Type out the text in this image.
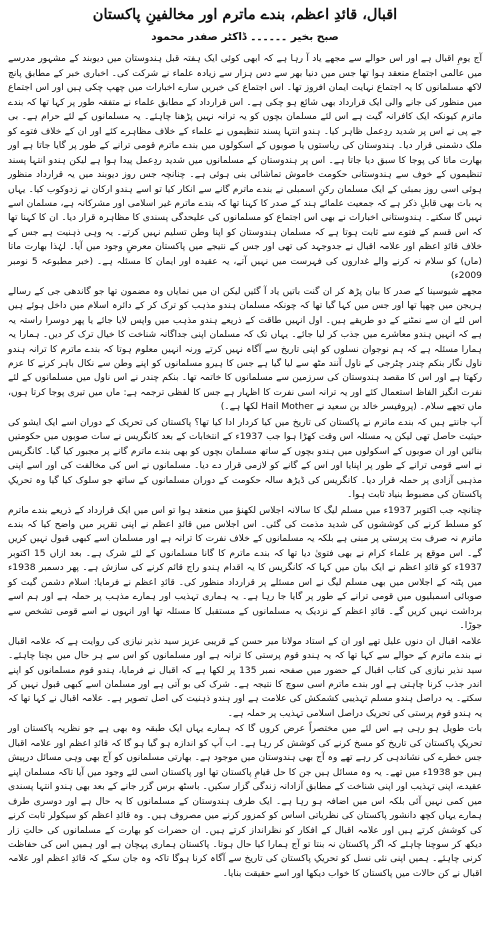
اقبال، قائدِ اعظم، بندے ماترم اور مخالفینِ پاکستان
صبح بخیر ۔۔۔۔۔۔ ڈاکٹر صفدر محمود

آج یومِ اقبال ہے اور اس حوالے سے مجھے یاد آ رہا ہے کہ ابھی کوئی ایک ہفتہ قبل ہندوستان میں دیوبند کے مشہور مدرسے میں عالمی اجتماع منعقد ہوا تھا جس میں دنیا بھر سے دس ہزار سے زیادہ علماء نے شرکت کی۔ اخباری خبر کے مطابق پانچ لاکھ مسلمانوں کا یہ اجتماع نہایت ایمان افروز تھا۔ اس اجتماع کی خبریں سارے اخبارات میں چھپ چکی ہیں اور اس اجتماع میں منظور کی جانے والی ایک قرارداد بھی شائع ہو چکی ہے۔ اس قرارداد کے مطابق علماء نے متفقہ طور پر کہا تھا کہ بندے ماترم کیونکہ ایک کافرانہ گیت ہے اس لئے مسلمان بچوں کو یہ ترانہ نہیں پڑھنا چاہئے۔ یہ مسلمانوں کے لئے حرام ہے۔ بی جے پی نے اس پر شدید ردِعمل ظاہر کیا۔ ہندو انتہا پسند تنظیموں نے علماء کے خلاف مظاہرے کئے اور ان کے خلاف فتوے کو ملک دشمنی قرار دیا۔ ہندوستان کی ریاستوں یا صوبوں کے اسکولوں میں بندے ماترم قومی ترانے کے طور پر گایا جاتا ہے اور بھارت ماتا کی پوجا کا سبق دیا جاتا ہے۔ اس پر ہندوستان کے مسلمانوں میں شدید ردِعمل پیدا ہوا ہے لیکن ہندو انتہا پسند تنظیموں کے خوف سے ہندوستانی حکومت خاموش تماشائی بنی ہوئی ہے۔ چنانچہ جس روز دیوبند میں یہ قرارداد منظور ہوئی اسی روز بمبئی کے ایک مسلمان رکنِ اسمبلی نے بندے ماترم گانے سے انکار کیا تو اسے ہندو ارکان نے زدوکوب کیا۔ یہاں یہ بات بھی قابلِ ذکر ہے کہ جمعیت علمائے ہند کے صدر کا کہنا تھا کہ بندے ماترم غیر اسلامی اور مشرکانہ ہے، مسلمان اسے نہیں گا سکتے۔ ہندوستانی اخبارات نے بھی اس اجتماع کو مسلمانوں کی علیحدگی پسندی کا مظاہرہ قرار دیا۔ ان کا کہنا تھا کہ اس قسم کے فتوے سے ثابت ہوتا ہے کہ مسلمان ہندوستان کو اپنا وطن تسلیم نہیں کرتے۔ یہ وہی ذہنیت ہے جس کے خلاف قائدِ اعظم اور علامہ اقبال نے جدوجہد کی تھی اور جس کے نتیجے میں پاکستان معرضِ وجود میں آیا۔ لہٰذا بھارت ماتا (ماں) کو سلام نہ کرنے والے غداروں کی فہرست میں نہیں آتے، یہ عقیدہ اور ایمان کا مسئلہ ہے۔ (خبر مطبوعہ 5 نومبر 2009ء)

مجھے شیوسینا کے صدر کا بیان پڑھ کر ان گنت باتیں یاد آ گئیں لیکن ان میں نمایاں وہ مضمون تھا جو گاندھی جی کے رسالے ہریجن میں چھپا تھا اور جس میں کہا گیا تھا کہ چونکہ مسلمان ہندو مذہب کو ترک کر کے دائرہ اسلام میں داخل ہوئے ہیں اس لئے ان سے نمٹنے کے دو طریقے ہیں۔ اول انہیں طاقت کے ذریعے ہندو مذہب میں واپس لایا جائے یا پھر دوسرا راستہ یہ ہے کہ انہیں ہندو معاشرے میں جذب کر لیا جائے۔ یہاں تک کہ مسلمان اپنی جداگانہ شناخت کا خیال ترک کر دیں۔ ہمارا یہ ہمارا مسئلہ ہے کہ ہم نوجوان نسلوں کو اپنی تاریخ سے آگاہ نہیں کرتے ورنہ انہیں معلوم ہوتا کہ بندے ماترم کا ترانہ ہندو ناول نگار بنکم چندر چٹرجی کے ناول آنند مٹھ سے لیا گیا ہے جس کا ہیرو مسلمانوں کو اپنے وطن سے نکال باہر کرنے کا عزم رکھتا ہے اور اس کا مقصد ہندوستان کی سرزمین سے مسلمانوں کا خاتمہ تھا۔ بنکم چندر نے اس ناول میں مسلمانوں کے لئے نفرت انگیز الفاظ استعمال کئے اور یہ ترانہ اسی نفرت کا اظہار ہے جس کا لفظی ترجمہ ہے: ماں میں تیری پوجا کرتا ہوں، ماں تجھے سلام۔ (پروفیسر خالد بن سعید نے Hail Mother لکھا ہے۔)

آپ جانتے ہیں کہ بندے ماترم نے پاکستان کی تاریخ میں کیا کردار ادا کیا تھا؟ پاکستان کی تحریک کے دوران اسے ایک ایشو کی حیثیت حاصل تھی لیکن یہ مسئلہ اس وقت کھڑا ہوا جب 1937ء کے انتخابات کے بعد کانگریس نے سات صوبوں میں حکومتیں بنائیں اور ان صوبوں کے اسکولوں میں ہندو بچوں کے ساتھ مسلمان بچوں کو بھی بندے ماترم گانے پر مجبور کیا گیا۔ کانگریس نے اسے قومی ترانے کے طور پر اپنایا اور اس کے گانے کو لازمی قرار دے دیا۔ مسلمانوں نے اس کی مخالفت کی اور اسے اپنی مذہبی آزادی پر حملہ قرار دیا۔ کانگریس کی ڈیڑھ سالہ حکومت کے دوران مسلمانوں کے ساتھ جو سلوک کیا گیا وہ تحریکِ پاکستان کی مضبوط بنیاد ثابت ہوا۔

چنانچہ جب اکتوبر 1937ء میں مسلم لیگ کا سالانہ اجلاس لکھنؤ میں منعقد ہوا تو اس میں ایک قرارداد کے ذریعے بندے ماترم کو مسلط کرنے کی کوششوں کی شدید مذمت کی گئی۔ اس اجلاس میں قائدِ اعظم نے اپنی تقریر میں واضح کیا کہ بندے ماترم نہ صرف بت پرستی پر مبنی ہے بلکہ یہ مسلمانوں کے خلاف نفرت کا ترانہ ہے اور مسلمان اسے کبھی قبول نہیں کریں گے۔ اس موقع پر علماء کرام نے بھی فتویٰ دیا تھا کہ بندے ماترم کا گانا مسلمانوں کے لئے شرک ہے۔ بعد ازاں 15 اکتوبر 1937ء کو قائدِ اعظم نے ایک بیان میں کہا کہ کانگریس کا یہ اقدام ہندو راج قائم کرنے کی سازش ہے۔ پھر دسمبر 1938ء میں پٹنہ کے اجلاس میں بھی مسلم لیگ نے اس مسئلے پر قرارداد منظور کی۔ قائدِ اعظم نے فرمایا: اسلام دشمن گیت کو صوبائی اسمبلیوں میں قومی ترانے کے طور پر گایا جا رہا ہے۔ یہ ہماری تہذیب اور ہمارے مذہب پر حملہ ہے اور ہم اسے برداشت نہیں کریں گے۔ قائدِ اعظم کے نزدیک یہ مسلمانوں کے مستقبل کا مسئلہ تھا اور انہوں نے اسے قومی تشخص سے جوڑا۔

علامہ اقبال ان دنوں علیل تھے اور ان کے استاد مولانا میر حسن کے قریبی عزیز سید نذیر نیازی کی روایت ہے کہ علامہ اقبال نے بندے ماترم کے حوالے سے کہا تھا کہ یہ ہندو قوم پرستی کا ترانہ ہے اور مسلمانوں کو اس سے ہر حال میں بچنا چاہئے۔ سید نذیر نیازی کی کتاب اقبال کے حضور میں صفحہ نمبر 135 پر لکھا ہے کہ اقبال نے فرمایا، ہندو قوم مسلمانوں کو اپنے اندر جذب کرنا چاہتی ہے اور بندے ماترم اسی سوچ کا نتیجہ ہے۔ شرک کی بو آتی ہے اور مسلمان اسے کبھی قبول نہیں کر سکتے۔ یہ دراصل ہندو مسلم تہذیبی کشمکش کی علامت ہے اور ہندو ذہنیت کی اصل تصویر ہے۔ علامہ اقبال نے کہا تھا کہ یہ ہندو قوم پرستی کی تحریک دراصل اسلامی تہذیب پر حملہ ہے۔

بات طویل ہو رہی ہے اس لئے میں مختصراً عرض کروں گا کہ ہمارے یہاں ایک طبقہ وہ بھی ہے جو نظریہ پاکستان اور تحریکِ پاکستان کی تاریخ کو مسخ کرنے کی کوشش کر رہا ہے۔ اب آپ کو اندازہ ہو گیا ہو گا کہ قائدِ اعظم اور علامہ اقبال جس خطرے کی نشاندہی کر رہے تھے وہ آج بھی ہندوستان میں موجود ہے۔ بھارتی مسلمانوں کو آج بھی وہی مسائل درپیش ہیں جو 1938ء میں تھے۔ یہ وہ مسائل ہیں جن کا حل قیامِ پاکستان تھا اور پاکستان اسی لئے وجود میں آیا تاکہ مسلمان اپنے عقیدے، اپنی تہذیب اور اپنی شناخت کے مطابق آزادانہ زندگی گزار سکیں۔ باسٹھ برس گزر جانے کے بعد بھی ہندو انتہا پسندی میں کمی نہیں آئی بلکہ اس میں اضافہ ہو رہا ہے۔ ایک طرف ہندوستان کے مسلمانوں کا یہ حال ہے اور دوسری طرف ہمارے یہاں کچھ دانشور پاکستان کی نظریاتی اساس کو کمزور کرنے میں مصروف ہیں۔ وہ قائدِ اعظم کو سیکولر ثابت کرنے کی کوشش کرتے ہیں اور علامہ اقبال کے افکار کو نظرانداز کرتے ہیں۔ ان حضرات کو بھارت کے مسلمانوں کی حالتِ زار دیکھ کر سوچنا چاہئے کہ اگر پاکستان نہ بنتا تو آج ہمارا کیا حال ہوتا۔ پاکستان ہماری پہچان ہے اور ہمیں اس کی حفاظت کرنی چاہئے۔ ہمیں اپنی نئی نسل کو تحریکِ پاکستان کی تاریخ سے آگاہ کرنا ہوگا تاکہ وہ جان سکے کہ قائدِ اعظم اور علامہ اقبال نے کن حالات میں پاکستان کا خواب دیکھا اور اسے حقیقت بنایا۔
